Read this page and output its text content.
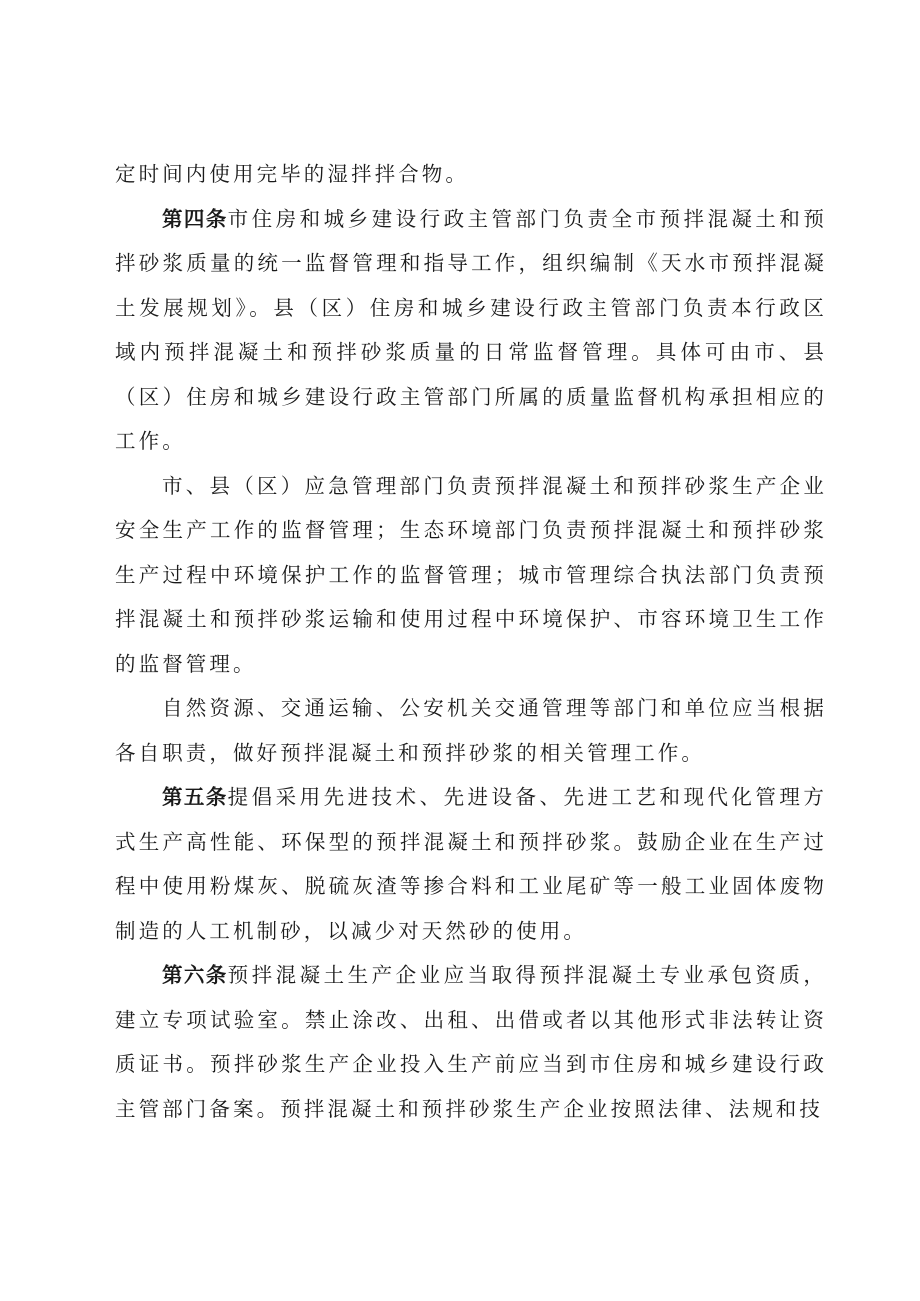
定时间内使用完毕的湿拌拌合物。

第四条市住房和城乡建设行政主管部门负责全市预拌混凝土和预拌砂浆质量的统一监督管理和指导工作，组织编制《天水市预拌混凝土发展规划》。县（区）住房和城乡建设行政主管部门负责本行政区域内预拌混凝土和预拌砂浆质量的日常监督管理。具体可由市、县（区）住房和城乡建设行政主管部门所属的质量监督机构承担相应的工作。

市、县（区）应急管理部门负责预拌混凝土和预拌砂浆生产企业安全生产工作的监督管理；生态环境部门负责预拌混凝土和预拌砂浆生产过程中环境保护工作的监督管理；城市管理综合执法部门负责预拌混凝土和预拌砂浆运输和使用过程中环境保护、市容环境卫生工作的监督管理。

自然资源、交通运输、公安机关交通管理等部门和单位应当根据各自职责，做好预拌混凝土和预拌砂浆的相关管理工作。

第五条提倡采用先进技术、先进设备、先进工艺和现代化管理方式生产高性能、环保型的预拌混凝土和预拌砂浆。鼓励企业在生产过程中使用粉煤灰、脱硫灰渣等掺合料和工业尾矿等一般工业固体废物制造的人工机制砂，以减少对天然砂的使用。

第六条预拌混凝土生产企业应当取得预拌混凝土专业承包资质，建立专项试验室。禁止涂改、出租、出借或者以其他形式非法转让资质证书。预拌砂浆生产企业投入生产前应当到市住房和城乡建设行政主管部门备案。预拌混凝土和预拌砂浆生产企业按照法律、法规和技
